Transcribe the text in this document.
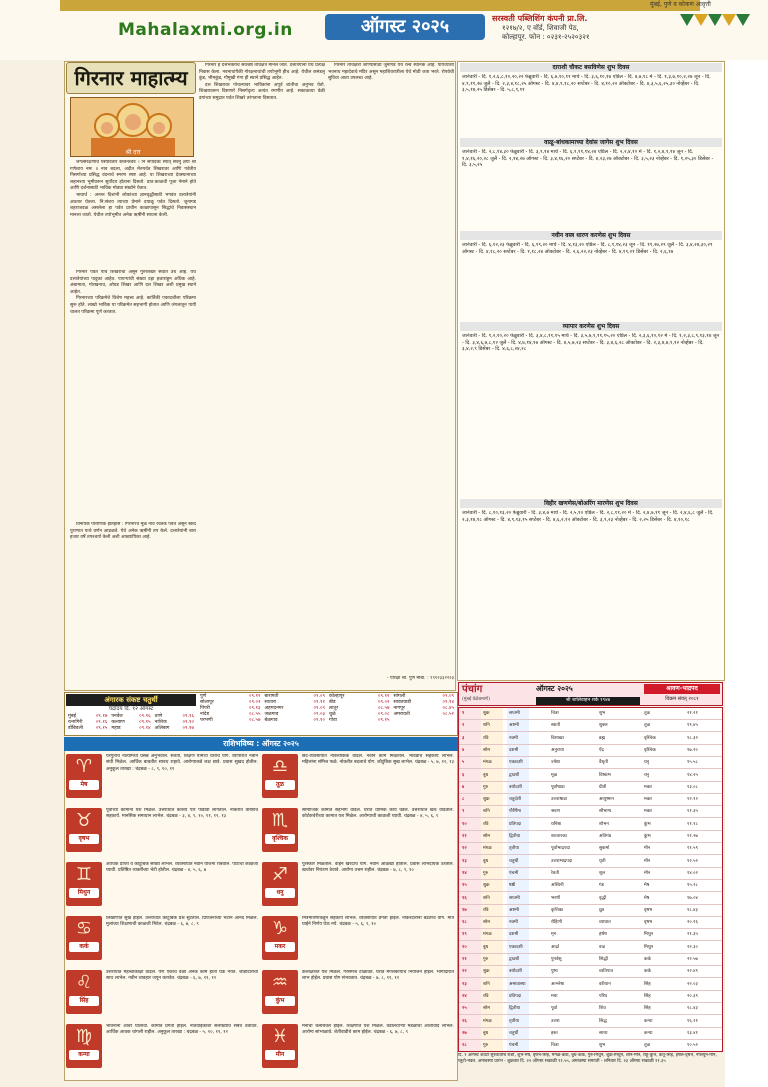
मुंबई, पुणे व कोकण आवृत्ती
Mahalaxmi.org.in	ऑगस्ट २०२५	सरस्वती पब्लिशिंग कंपनी प्रा.लि.
१२१७/२, ए वॉर्ड, शिवाजी पेठ,
कोल्हापूर. फोन : ०२३१-२५२०३२१
गिरनार माहात्म्य
श्री दत्त

जगत्संरक्षणार्थं यस्यावतार स्तवनेश्वरः । नि संपादकः स्यात् सर्वनु ज्ञया श्री गणेशाय नमः ॥ नाव बदला, अदीत मेरुपर्वत शिखरावर आणि पर्वतीय निसर्गाच्या प्रसिद्ध वंदनाचे स्मरण स्पष्ट आहे. या शिखराच्या देवस्थानाच्या लहानश्या भूमीवरून सूर्योदय होताना दिसतो. प्रात:काळची पूजा नेमाने होते आणि दर्शनासाठी भाविक मोठ्या संख्येने येतात.

भावार्थ : अनन्त दिशांनी लोकांच्या ज्ञानवृद्धीसाठी भगवंत दत्तात्रेयांनी अवतार घेतला. नि:संशय त्याच्या प्रेमाने दयाळू पर्वत दिसतो. जुनागड शहराजवळ असलेला हा पर्वत प्राचीन काळापासून सिद्धांचे निवासस्थान मानला जातो. येथील तपोभूमीत अनेक ऋषींनी साधना केली.

गिरनार पर्वत पाच शिखरांचा असून गुरुशिखर सर्वात उंच आहे. येथे दत्तात्रेयांच्या पादुका आहेत. पायऱ्यांची संख्या दहा हजारांहून अधिक आहे. अंबामाता, गोरखनाथ, ओघड शिखर आणि दत्त शिखर अशी प्रमुख स्थाने आहेत.

गिरनारच्या परिक्रमेचे विशेष महत्त्व आहे. कार्तिकी एकादशीला परिक्रमा सुरू होते. लाखो भाविक या परिक्रमेत सहभागी होतात आणि जंगलातून पायी चालत परिक्रमा पूर्ण करतात.

विनायक पौराणिक इतिहास : गिरनारचे मूळ नाव रैवतक पर्वत असून स्कंद पुराणात याचे वर्णन आढळते. येथे अनेक ऋषींनी तप केले. दत्तात्रेयांनी बारा हजार वर्षे तपश्चर्या केली अशी आख्यायिका आहे.

गिरनार हे दत्तभक्तांचे सर्वश्रेष्ठ तीर्थक्षेत्र मानले जाते. दत्तात्रेयांनी येथे प्रत्यक्ष निवास केला. नवनाथांपैकी गोरक्षनाथांची तपोभूमी हीच आहे. येथील कमंडलू कुंड, भीमकुंड, गौमुखी गंगा ही स्थाने प्रसिद्ध आहेत.

दत्त शिखरावर पोचल्यावर भाविकांना अपूर्व शांतीचा अनुभव येतो. शिखरावरून दिसणारे निसर्गदृश्य अत्यंत रमणीय आहे. सकाळच्या वेळी ढगांच्या समुद्रात पर्वत शिखरे तरंगताना दिसतात.

गिरनार तीर्थक्षेत्री जाण्यासाठी जुनागड येथे रेल्वे स्थानक आहे. पायथ्याशी भवनाथ महादेवाचे मंदिर असून महाशिवरात्रीला येथे मोठी जत्रा भरते. रोपवेची सुविधा आता उपलब्ध आहे.

- परिक्षा श्री. पुणे मोबा. : ९९१२३३२२२३
दाराशी चौकट बसविणेस शुभ दिवस
जानेवारी - दि. १,२,६,८,१०,२०,२२ फेब्रुवारी - दि. ६,७,१०,११ मार्च - दि. ३,६,१०,१७ एप्रिल - दि. ४,७,१८ मे - दि. १,३,७,१०,२,२७ जून - दि. ४,९,११,२७ जुलै - दि. २,३,४,१८,२५ ऑगस्ट - दि. ४,४,९,१८,२० सप्टेंबर - दि. ४,१०,२२ ऑक्टोबर - दि. ४,३,५,६,२५,३० नोव्हेंबर - दि. ३,५,१४,२५ डिसेंबर - दि. ५,८,९,११
वाळू-बांधकामाच्या देवांस जागेस शुभ दिवस
जानेवारी - दि. २,८,१४,३० फेब्रुवारी - दि. ३,९,१४ मार्च - दि. ६,९,११,१४,२४ एप्रिल - दि. २,२,४,१० मे - दि. १,२,४,९,१४ जून - दि. १,४,१६,२०,२८ जुलै - दि. २,१४,२७ ऑगस्ट - दि. ३,४,१६,२० सप्टेंबर - दि. ४,२३,२७ ऑक्टोबर - दि. ३,५,२३ नोव्हेंबर - दि. १,२५,३० डिसेंबर - दि. ३,५,२५
नवीन वस्त्र धारण करणेस शुभ दिवस
जानेवारी - दि. ६,१२,२३ फेब्रुवारी - दि. ६,१९,२० मार्च - दि. ४,१३,२० एप्रिल - दि. ८,९,१४,२३ जून - दि. १९,२७,२९ जुलै - दि. ३,४,२४,३०,२९ ऑगस्ट - दि. ४,१८,२० सप्टेंबर - दि. १,१८,२४ ऑक्टोबर - दि. २,६,२२,२३ नोव्हेंबर - दि. ४,१९,२१ डिसेंबर - दि. २,६,१७
व्यापार करणेस शुभ दिवस
जानेवारी - दि. १,२,१०,२० फेब्रुवारी - दि. ३,४,८,११,१५ मार्च - दि. ३,५,७,९,११,१५,२० एप्रिल - दि. २,३,६,१०,१२ मे - दि. १,२,३,८,९,१३,१४ जून - दि. ३,४,६,७,८,१२ जुलै - दि. ४,७,१४,१७ ऑगस्ट - दि. ४,५,७,२३ सप्टेंबर - दि. ३,४,६,२८ ऑक्टोबर - दि. २,३,४,७,९,१२ नोव्हेंबर - दि. ३,४,२,९ डिसेंबर - दि. ४,६,८,२४,२८
विहीर खणणेस/बोअरिंग मारणेस शुभ दिवस
जानेवारी - दि. ८,१०,१३,२० फेब्रुवारी - दि. ३,४,७ मार्च - दि. २,५,१० एप्रिल - दि. २,८,११,२० मे - दि. २,४,७,११ जून - दि. २,४,६,८ जुलै - दि. २,३,१४,१८ ऑगस्ट - दि. ४,९,१३,१५ सप्टेंबर - दि. ४,६,२,१२ ऑक्टोबर - दि. ३,९,२३ नोव्हेंबर - दि. २,२५ डिसेंबर - दि. ४,१०,१८
अंगारक संकष्ट चतुर्थी
चंद्रोदय दि. १२ ऑगस्ट
मुंबई	०९.१७ पनवेल	०९.१६ ठाणे	०९.१६
रत्नागिरी	०९.१६ कल्याण	०९.१५ नाशिक	०९.१०
डोंबिवली	०९.१५ महाड	०९.१४ अलिबाग	०९.१७
पुणे	०९.१२ बारामती	०९.०९ कोल्हापूर	०९.१२ सांगली	०९.०९
सोलापूर	०९.०२ सातारा	०९.११ बीड	०९.०२ सावंतवाडी	०९.१४
पिंपरी	०९.१३ अहमदनगर	०९.०९ लातूर	०८.५७ नागपूर	०८.४५
नांदेड	०८.५५ जळगाव	०९.०३ धुळे	०९.०८ अमरावती	०८.५२
परभणी	०८.५७ बेळगाव	०९.१० गोवा	०९.१५
राशिभविष्य : ऑगस्ट २०२५
♈
मेष
घरगुतीचे नात्यामध्ये प्रसन्न अनुभवाल. संतती, शिक्षण यामध्ये यशाचे योग. व्यापारात नवीन संधी मिळेल. आर्थिक बाबतीत सावध राहावे. आरोग्याकडे लक्ष द्यावे. प्रवास सुखद होतील. अनुकूल तारखा : चंद्रबळ - ८, ९, १०, ११	♎
तूळ
छंद-व्यवसायात नावलौकिक वाढेल. नवीन कामे मिळतील. भावंडांचे सहकार्य लाभेल. महिलांना संमिश्र फळे. नोकरीत बदलाचे योग. कौटुंबिक सुख लाभेल. चंद्रबळ - ५, ७, १२, १३
♉
वृषभ
पूर्वीच्या कामांना यश मिळेल. उत्तरार्धात कर्तव्ये पार पाडावी लागतील. नोकरीत वरिष्ठांचे सहकार्य. मानसिक समाधान लाभेल. चंद्रबळ - ३, ४, ९, १०, ११, १२, १३	♏
वृश्चिक
सामाजिक कामात सहभाग वाढेल. घरात धार्मिक कार्य घडेल. उत्तरार्धात खर्च वाढतील. कोर्टकचेरीच्या कामात यश मिळेल. आरोग्याची काळजी घ्यावी. चंद्रबळ - ४, ५, ६, ९
♊
मिथुन
आर्थिक प्राप्ती व कौटुंबिक सौख्य लाभेल. व्यवसायात नवीन योजना राबवाल. पोटाची काळजी घ्यावी. प्रतिष्ठित व्यक्तींच्या भेटी होतील. चंद्रबळ - ४, ५, ६, ७	♐
धनु
पुरस्कार मिळतील. वाहन खरेदीचे योग. नवीन ओळखी होतील. प्रवास लाभदायक ठरतील. खर्चावर नियंत्रण ठेवावे. आरोग्य उत्तम राहील. चंद्रबळ - ७, ८, ९, १०
♋
कर्क
लिखाणात सुख होईल. उत्तरार्धात कौटुंबिक प्रश्न सुटतील. प्रियजनांच्या भेटीने आनंद मिळेल. मुलांच्या शिक्षणाची काळजी मिटेल. चंद्रबळ - ६, ७, ८, ९	♑
मकर
मित्रमैत्रिणींकडून सहकार्य लाभेल. व्यवसायात प्रगती होईल. नोकरदारांना बढतीचे योग. मात्र घाईने निर्णय घेऊ नये. चंद्रबळ - ५, ६, ९, १०
♌
सिंह
उत्तरार्धात महत्त्वाकांक्षा वाढेल. पण एकाच वेळी अनेक कामे हाती घेऊ नयेत. जोडीदाराची साथ लाभेल. नवीन व्यवहार जपून करावेत. चंद्रबळ - ६, ७, ११, १२	♒
कुंभ
कलाक्षेत्रात यश मिळेल. गैरसमज टाळावेत. घरात मंगलकार्याचे नियोजन होईल. भागीदारीत लाभ होईल. प्रवास योग संभवतात. चंद्रबळ - ७, ८, ११, १२
♍
कन्या
भावनांना आवर घालावा. कामात प्रगती होईल. नातेवाईकांशी सलोख्याचे संबंध ठेवावेत. आर्थिक आवक चांगली राहील. अनुकूल तारखा : चंद्रबळ - ५, १०, ११, १२	♓
मीन
मनाची चलबिचल होईल. शिक्षणात यश मिळेल. वडीलधाऱ्या मंडळींचा आशीर्वाद लाभेल. आरोग्य सांभाळावे. शेतीवाडीचे काम होईल. चंद्रबळ - ६, ७, ८, ९
पंचांग
(मुंबई वेळेप्रमाणे)
ऑगस्ट २०२५
श्री शालिवाहन शके १९४७
श्रावण-भाद्रपद
विक्रम संवत् २०८१
१	शुक्र	सप्तमी	चित्रा	शुभ	तूळ	२१.२१
२	शनि	अष्टमी	स्वाती	शुक्ल	तूळ	१९.४५
३	रवि	नवमी	विशाखा	ब्रह्म	वृश्चिक	१८.३२
४	सोम	दशमी	अनुराधा	ऐंद्र	वृश्चिक	१७.२०
५	मंगळ	एकादशी	ज्येष्ठा	वैधृती	धनु	१५.५८
६	बुध	द्वादशी	मूळ	विष्कंभ	धनु	१४.२५
७	गुरु	त्रयोदशी	पूर्वाषाढा	प्रीती	मकर	१३.०८
८	शुक्र	चतुर्दशी	उत्तराषाढा	आयुष्मान	मकर	१२.१२
९	शनि	पौर्णिमा	श्रवण	सौभाग्य	मकर	११.३५
१०	रवि	प्रतिपदा	धनिष्ठा	शोभन	कुंभ	११.१८
११	सोम	द्वितीया	शततारका	अतिगंड	कुंभ	११.२७
१२	मंगळ	तृतीया	पूर्वाभाद्रपदा	सुकर्मा	मीन	११.५९
१३	बुध	चतुर्थी	उत्तराभाद्रपदा	धृती	मीन	१२.५२
१४	गुरु	पंचमी	रेवती	शूल	मीन	१४.०२
१५	शुक्र	षष्ठी	अश्विनी	गंड	मेष	१५.२८
१६	शनि	सप्तमी	भरणी	वृद्धी	मेष	१७.०४
१७	रवि	अष्टमी	कृत्तिका	ध्रुव	वृषभ	१८.४३
१८	सोम	नवमी	रोहिणी	व्याघात	वृषभ	२०.१६
१९	मंगळ	दशमी	मृग	हर्षण	मिथुन	२१.३५
२०	बुध	एकादशी	आर्द्रा	वज्र	मिथुन	२२.३०
२१	गुरु	द्वादशी	पुनर्वसु	सिद्धी	कर्क	२२.५७
२२	शुक्र	त्रयोदशी	पुष्य	व्यतिपात	कर्क	२२.४९
२३	शनि	अमावास्या	आश्लेषा	वरीयान	सिंह	२२.०३
२४	रवि	प्रतिपदा	मघा	परिघ	सिंह	२०.३९
२५	सोम	द्वितीया	पूर्वा	शिव	सिंह	१८.४३
२६	मंगळ	तृतीया	उत्तरा	सिद्ध	कन्या	१६.२१
२७	बुध	चतुर्थी	हस्त	साध्य	कन्या	१३.४१
२८	गुरु	पंचमी	चित्रा	शुभ	तूळ	१०.५२
दि. १ ऑगस्ट शेवटी सुरुवातीचे राशी, शुभ-मेष, वृषभ-सिंह, मंगळ-कर्क, बुध-कर्क, गुरु-मिथुन, शुक्र-मिथुन, शनि-मीन, राहू-कुंभ, केतू-सिंह, हर्षल-वृषभ, नेपच्यून-मीन, प्लुटो-मकर. अमावस्या प्रारंभ - शुक्रवार दि. २२ ऑगस्ट सकाळी ११.५५, अमावस्या समाप्ती - शनिवार दि. २३ ऑगस्ट सकाळी ११.३५
